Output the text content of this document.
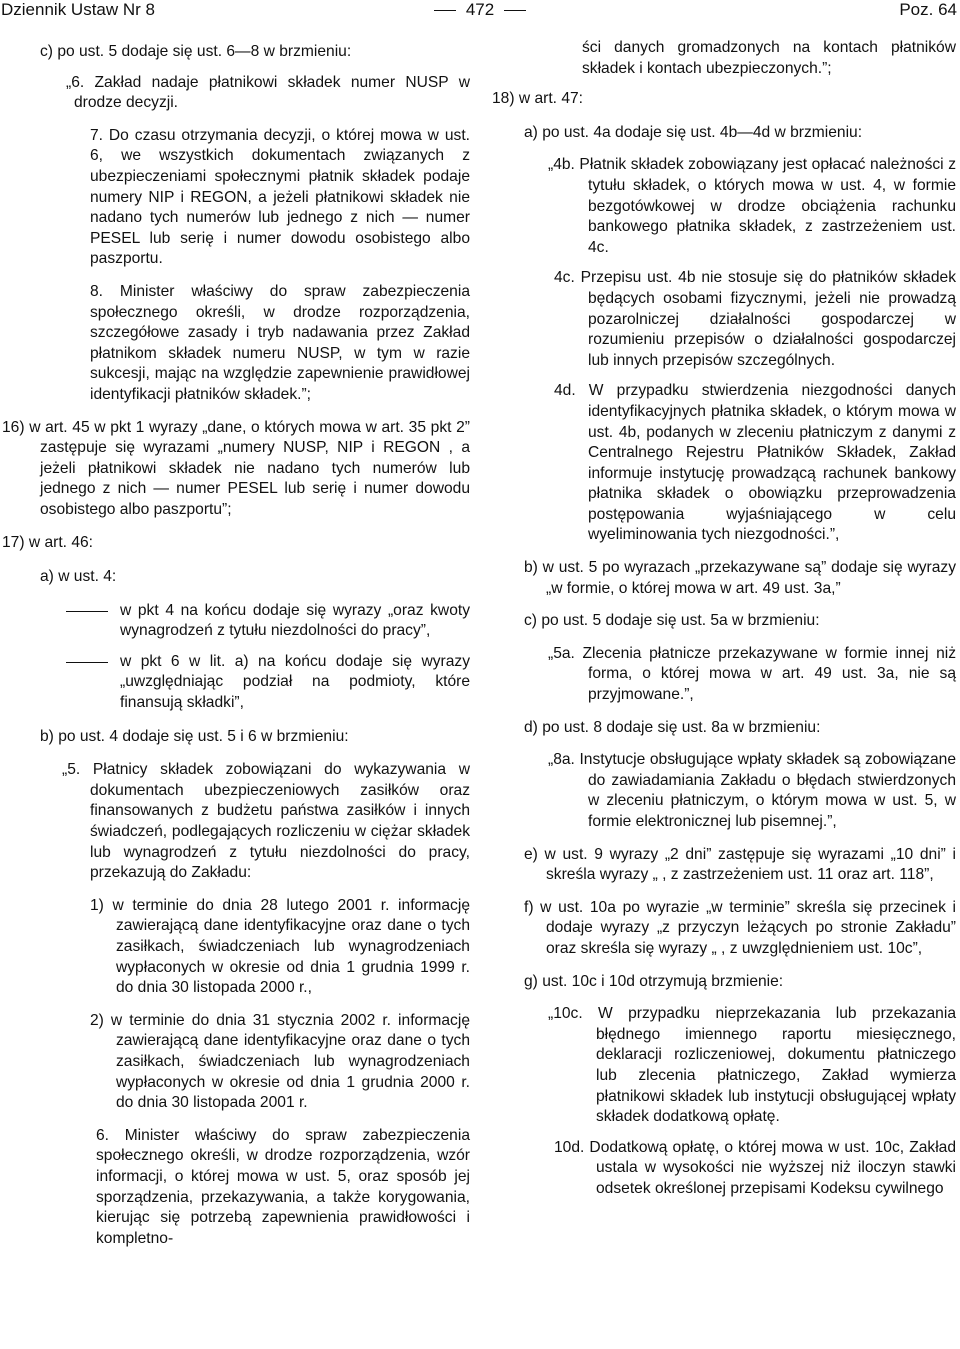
Dziennik Ustaw Nr 8	472	Poz. 64

c) po ust. 5 dodaje się ust. 6—8 w brzmieniu:

„6. Zakład nadaje płatnikowi składek numer NUSP w drodze decyzji.

7. Do czasu otrzymania decyzji, o której mowa w ust. 6, we wszystkich dokumentach związanych z ubezpieczeniami społecznymi płatnik składek podaje numery NIP i REGON, a jeżeli płatnikowi składek nie nadano tych numerów lub jednego z nich — numer PESEL lub serię i numer dowodu osobistego albo paszportu.

8. Minister właściwy do spraw zabezpieczenia społecznego określi, w drodze rozporządzenia, szczegółowe zasady i tryb nadawania przez Zakład płatnikom składek numeru NUSP, w tym w razie sukcesji, mając na względzie zapewnienie prawidłowej identyfikacji płatników składek.”;

16) w art. 45 w pkt 1 wyrazy „dane, o których mowa w art. 35 pkt 2” zastępuje się wyrazami „numery NUSP, NIP i REGON , a jeżeli płatnikowi składek nie nadano tych numerów lub jednego z nich — numer PESEL lub serię i numer dowodu osobistego albo paszportu”;

17) w art. 46:

a) w ust. 4:

w pkt 4 na końcu dodaje się wyrazy „oraz kwoty wynagrodzeń z tytułu niezdolności do pracy”,

w pkt 6 w lit. a) na końcu dodaje się wyrazy „uwzględniając podział na podmioty, które finansują składki”,

b) po ust. 4 dodaje się ust. 5 i 6 w brzmieniu:

„5. Płatnicy składek zobowiązani do wykazywania w dokumentach ubezpieczeniowych zasiłków oraz finansowanych z budżetu państwa zasiłków i innych świadczeń, podlegających rozliczeniu w ciężar składek lub wynagrodzeń z tytułu niezdolności do pracy, przekazują do Zakładu:

1) w terminie do dnia 28 lutego 2001 r. informację zawierającą dane identyfikacyjne oraz dane o tych zasiłkach, świadczeniach lub wynagrodzeniach wypłaconych w okresie od dnia 1 grudnia 1999 r. do dnia 30 listopada 2000 r.,

2) w terminie do dnia 31 stycznia 2002 r. informację zawierającą dane identyfikacyjne oraz dane o tych zasiłkach, świadczeniach lub wynagrodzeniach wypłaconych w okresie od dnia 1 grudnia 2000 r. do dnia 30 listopada 2001 r.

6. Minister właściwy do spraw zabezpieczenia społecznego określi, w drodze rozporządzenia, wzór informacji, o której mowa w ust. 5, oraz sposób jej sporządzenia, przekazywania, a także korygowania, kierując się potrzebą zapewnienia prawidłowości i kompletno-

ści danych gromadzonych na kontach płatników składek i kontach ubezpieczonych.”;

18) w art. 47:

a) po ust. 4a dodaje się ust. 4b—4d w brzmieniu:

„4b. Płatnik składek zobowiązany jest opłacać należności z tytułu składek, o których mowa w ust. 4, w formie bezgotówkowej w drodze obciążenia rachunku bankowego płatnika składek, z zastrzeżeniem ust. 4c.

4c. Przepisu ust. 4b nie stosuje się do płatników składek będących osobami fizycznymi, jeżeli nie prowadzą pozarolniczej działalności gospodarczej w rozumieniu przepisów o działalności gospodarczej lub innych przepisów szczególnych.

4d. W przypadku stwierdzenia niezgodności danych identyfikacyjnych płatnika składek, o którym mowa w ust. 4b, podanych w zleceniu płatniczym z danymi z Centralnego Rejestru Płatników Składek, Zakład informuje instytucję prowadzącą rachunek bankowy płatnika składek o obowiązku przeprowadzenia postępowania wyjaśniającego w celu wyeliminowania tych niezgodności.”,

b) w ust. 5 po wyrazach „przekazywane są” dodaje się wyrazy „w formie, o której mowa w art. 49 ust. 3a,”

c) po ust. 5 dodaje się ust. 5a w brzmieniu:

„5a. Zlecenia płatnicze przekazywane w formie innej niż forma, o której mowa w art. 49 ust. 3a, nie są przyjmowane.”,

d) po ust. 8 dodaje się ust. 8a w brzmieniu:

„8a. Instytucje obsługujące wpłaty składek są zobowiązane do zawiadamiania Zakładu o błędach stwierdzonych w zleceniu płatniczym, o którym mowa w ust. 5, w formie elektronicznej lub pisemnej.”,

e) w ust. 9 wyrazy „2 dni” zastępuje się wyrazami „10 dni” i skreśla wyrazy „ , z zastrzeżeniem ust. 11 oraz art. 118”,

f) w ust. 10a po wyrazie „w terminie” skreśla się przecinek i dodaje wyrazy „z przyczyn leżących po stronie Zakładu” oraz skreśla się wyrazy „ , z uwzględnieniem ust. 10c”,

g) ust. 10c i 10d otrzymują brzmienie:

„10c. W przypadku nieprzekazania lub przekazania błędnego imiennego raportu miesięcznego, deklaracji rozliczeniowej, dokumentu płatniczego lub zlecenia płatniczego, Zakład wymierza płatnikowi składek lub instytucji obsługującej wpłaty składek dodatkową opłatę.

10d. Dodatkową opłatę, o której mowa w ust. 10c, Zakład ustala w wysokości nie wyższej niż iloczyn stawki odsetek określonej przepisami Kodeksu cywilnego
